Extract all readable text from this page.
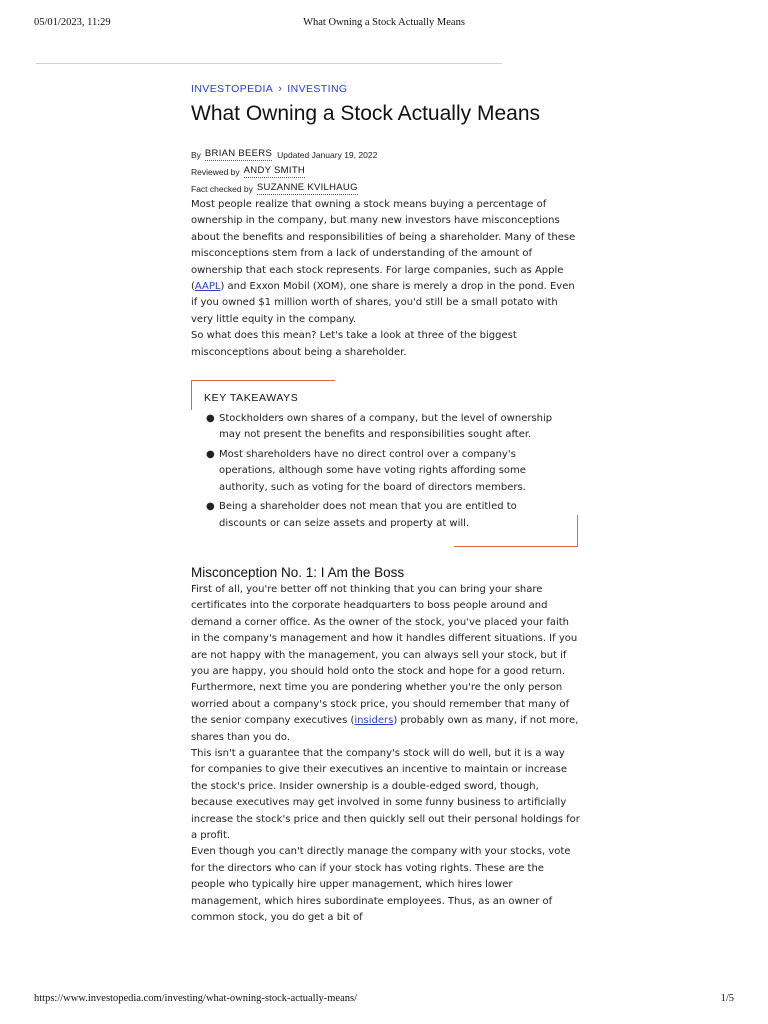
05/01/2023, 11:29	What Owning a Stock Actually Means
INVESTOPEDIA › INVESTING
What Owning a Stock Actually Means
By BRIAN BEERS Updated January 19, 2022
Reviewed by ANDY SMITH
Fact checked by SUZANNE KVILHAUG

Most people realize that owning a stock means buying a percentage of ownership in the company, but many new investors have misconceptions about the benefits and responsibilities of being a shareholder. Many of these misconceptions stem from a lack of understanding of the amount of ownership that each stock represents. For large companies, such as Apple (AAPL) and Exxon Mobil (XOM), one share is merely a drop in the pond. Even if you owned $1 million worth of shares, you'd still be a small potato with very little equity in the company.

So what does this mean? Let's take a look at three of the biggest misconceptions about being a shareholder.

KEY TAKEAWAYS
● Stockholders own shares of a company, but the level of ownership may not present the benefits and responsibilities sought after.
● Most shareholders have no direct control over a company's operations, although some have voting rights affording some authority, such as voting for the board of directors members.
● Being a shareholder does not mean that you are entitled to discounts or can seize assets and property at will.
Misconception No. 1: I Am the Boss

First of all, you're better off not thinking that you can bring your share certificates into the corporate headquarters to boss people around and demand a corner office. As the owner of the stock, you've placed your faith in the company's management and how it handles different situations. If you are not happy with the management, you can always sell your stock, but if you are happy, you should hold onto the stock and hope for a good return.

Furthermore, next time you are pondering whether you're the only person worried about a company's stock price, you should remember that many of the senior company executives (insiders) probably own as many, if not more, shares than you do.

This isn't a guarantee that the company's stock will do well, but it is a way for companies to give their executives an incentive to maintain or increase the stock's price. Insider ownership is a double-edged sword, though, because executives may get involved in some funny business to artificially increase the stock's price and then quickly sell out their personal holdings for a profit.

Even though you can't directly manage the company with your stocks, vote for the directors who can if your stock has voting rights. These are the people who typically hire upper management, which hires lower management, which hires subordinate employees. Thus, as an owner of common stock, you do get a bit of

https://www.investopedia.com/investing/what-owning-stock-actually-means/	1/5
